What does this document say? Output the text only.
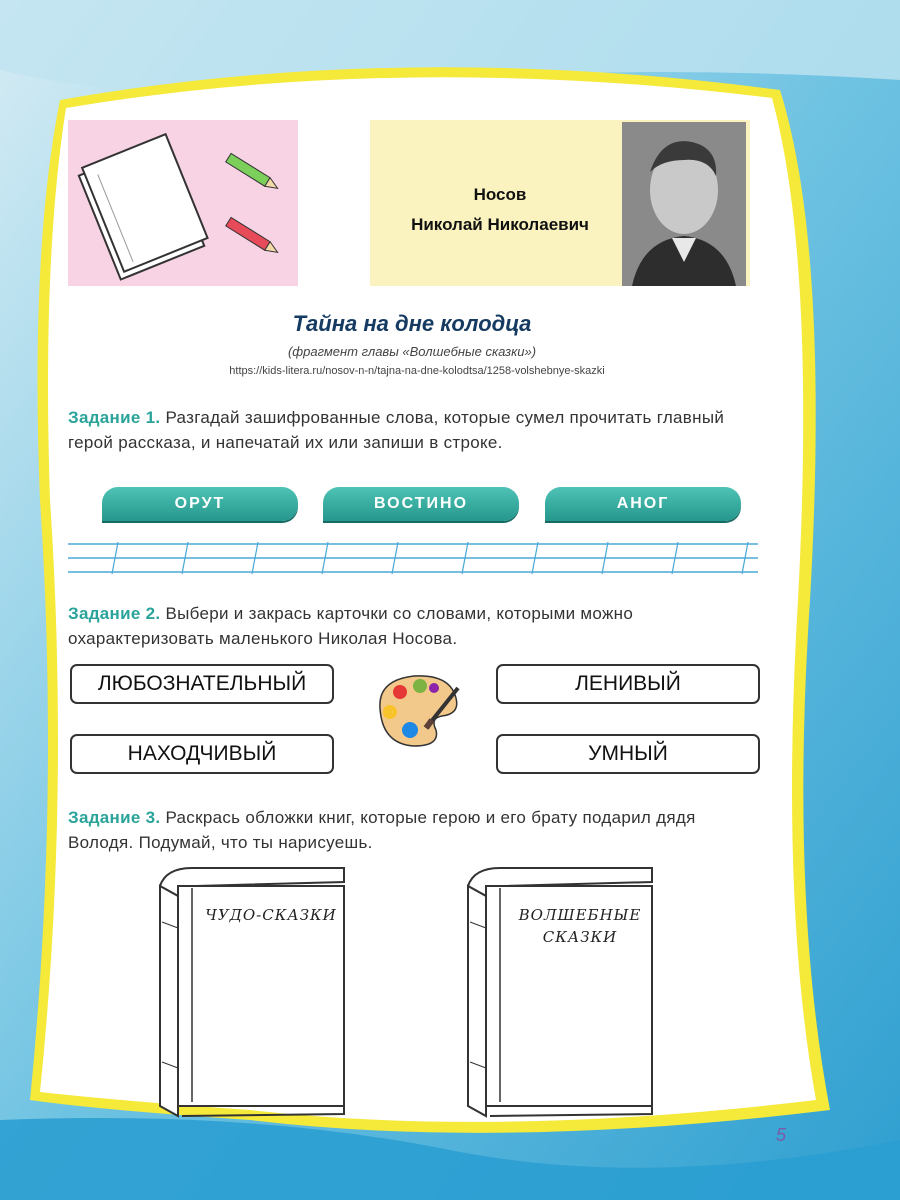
Носов
Николай Николаевич
Тайна на дне колодца
(фрагмент главы «Волшебные сказки»)
https://kids-litera.ru/nosov-n-n/tajna-na-dne-kolodtsa/1258-volshebnye-skazki
Задание 1. Разгадай зашифрованные слова, которые сумел прочитать главный герой рассказа, и напечатай их или запиши в строке.
ОРУТ	ВОСТИНО	АНОГ
Задание 2. Выбери и закрась карточки со словами, которыми можно охарактеризовать маленького Николая Носова.
ЛЮБОЗНАТЕЛЬНЫЙ	ЛЕНИВЫЙ
НАХОДЧИВЫЙ	УМНЫЙ
Задание 3. Раскрась обложки книг, которые герою и его брату подарил дядя Володя. Подумай, что ты нарисуешь.
ЧУДО-СКАЗКИ	ВОЛШЕБНЫЕ
СКАЗКИ
5
